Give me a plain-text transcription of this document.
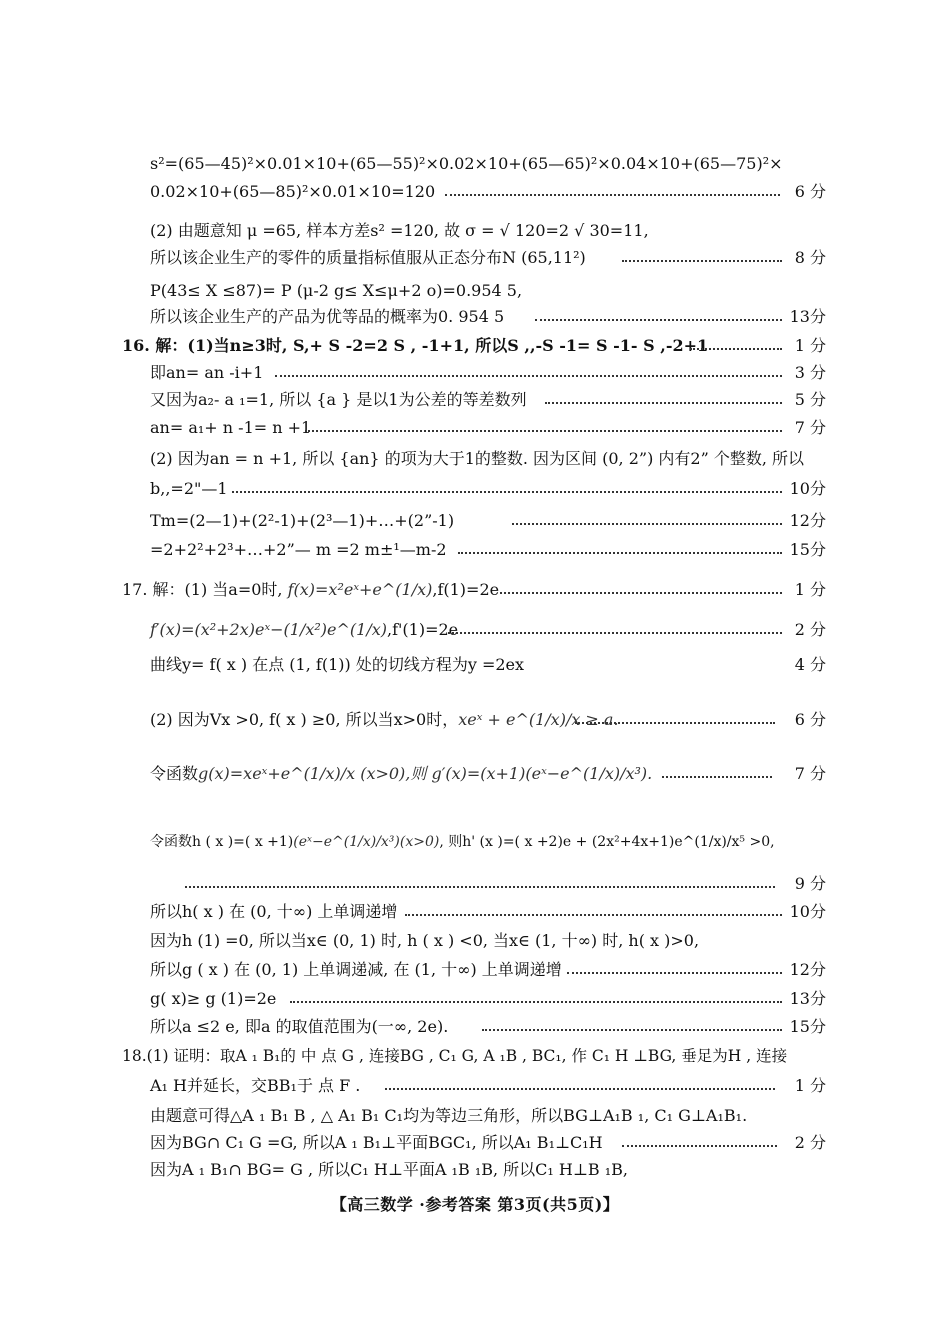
s²=(65—45)²×0.01×10+(65—55)²×0.02×10+(65—65)²×0.04×10+(65—75)²×
0.02×10+(65—85)²×0.01×10=120	6 分
(2) 由题意知 μ =65, 样本方差s² =120, 故 σ = √ 120=2 √ 30=11,
所以该企业生产的零件的质量指标值服从正态分布N (65,11²)	8 分
P(43≤ X ≤87)= P (μ-2 g≤ X≤μ+2 o)=0.954 5,
所以该企业生产的产品为优等品的概率为0. 954 5	13分
16. 解：(1)当n≥3时, S,+ S -2=2 S , -1+1, 所以S ,,-S -1= S -1- S ,-2+1	1 分
即an= an -i+1	3 分
又因为a₂- a ₁=1, 所以 {a } 是以1为公差的等差数列	5 分
an= a₁+ n -1= n +1	7 分
(2) 因为an = n +1, 所以 {an} 的项为大于1的整数. 因为区间 (0, 2”) 内有2” 个整数, 所以
b,,=2"—1	10分
Tm=(2—1)+(2²-1)+(2³—1)+…+(2”-1)	12分
=2+2²+2³+…+2”— m =2 m±¹—m-2	15分
17. 解：(1) 当a=0时, f(x)=x²eˣ+e^(1/x),f(1)=2e	1 分
f′(x)=(x²+2x)eˣ−(1/x²)e^(1/x),f'(1)=2e	2 分
曲线y= f( x ) 在点 (1, f(1)) 处的切线方程为y =2ex	4 分
(2) 因为Vx >0, f( x ) ≥0, 所以当x>0时，xeˣ + e^(1/x)/x ≥ a.	6 分
令函数g(x)=xeˣ+e^(1/x)/x (x>0),则 g′(x)=(x+1)(eˣ−e^(1/x)/x³).	7 分
令函数h ( x )=( x +1)(eˣ−e^(1/x)/x³)(x>0), 则h' (x )=( x +2)e + (2x²+4x+1)e^(1/x)/x⁵ >0,
9 分
所以h( x ) 在 (0, 十∞) 上单调递增	10分
因为h (1) =0, 所以当x∈ (0, 1) 时, h ( x ) <0, 当x∈ (1, 十∞) 时, h( x )>0,
所以g ( x ) 在 (0, 1) 上单调递减, 在 (1, 十∞) 上单调递增	12分
g( x)≥ g (1)=2e	13分
所以a ≤2 e, 即a 的取值范围为(一∞, 2e).	15分
18.(1) 证明：取A ₁ B₁的 中 点 G , 连接BG , C₁ G, A ₁B , BC₁, 作 C₁ H ⊥BG, 垂足为H , 连接
A₁ H并延长，交BB₁于 点 F .	1 分
由题意可得△A ₁ B₁ B , △ A₁ B₁ C₁均为等边三角形，所以BG⊥A₁B ₁, C₁ G⊥A₁B₁.
因为BG∩ C₁ G =G, 所以A ₁ B₁⊥平面BGC₁, 所以A₁ B₁⊥C₁H	2 分
因为A ₁ B₁∩ BG= G , 所以C₁ H⊥平面A ₁B ₁B, 所以C₁ H⊥B ₁B,
【高三数学 ·参考答案 第3页(共5页)】
